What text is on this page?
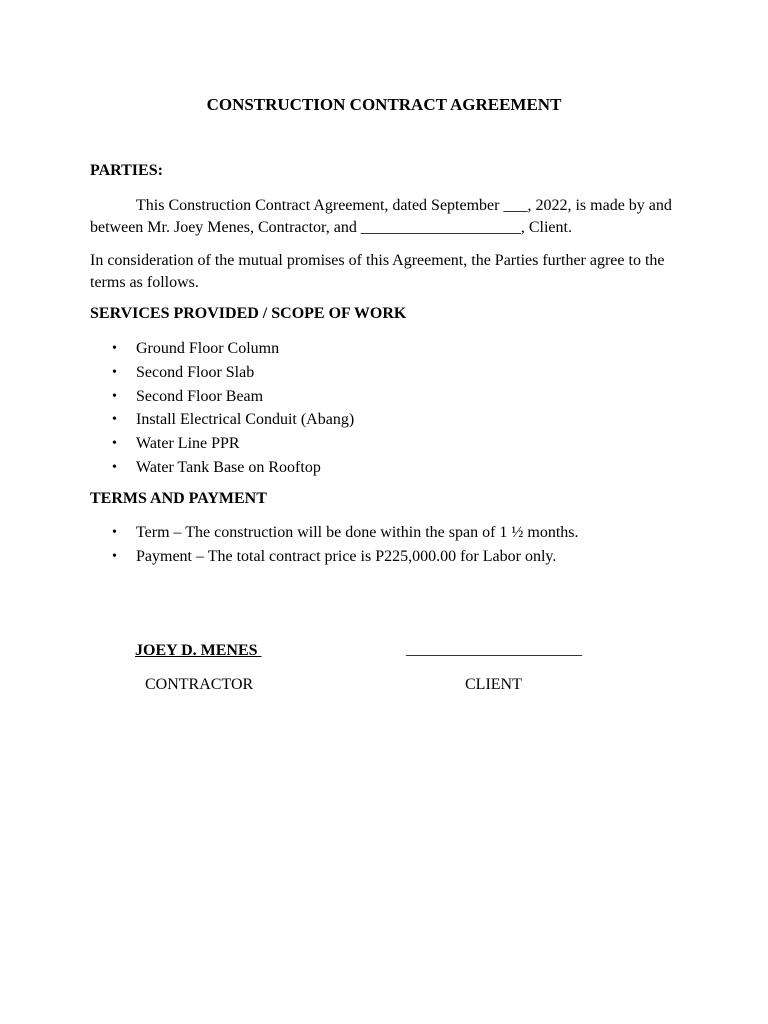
CONSTRUCTION CONTRACT AGREEMENT
PARTIES:

This Construction Contract Agreement, dated September ___, 2022, is made by and between Mr. Joey Menes, Contractor, and ____________________, Client.

In consideration of the mutual promises of this Agreement, the Parties further agree to the terms as follows.

SERVICES PROVIDED / SCOPE OF WORK
• Ground Floor Column
• Second Floor Slab
• Second Floor Beam
• Install Electrical Conduit (Abang)
• Water Line PPR
• Water Tank Base on Rooftop
TERMS AND PAYMENT
• Term – The construction will be done within the span of 1 ½ months.
• Payment – The total contract price is P225,000.00 for Labor only.
JOEY D. MENES	______________________
CONTRACTOR	CLIENT
